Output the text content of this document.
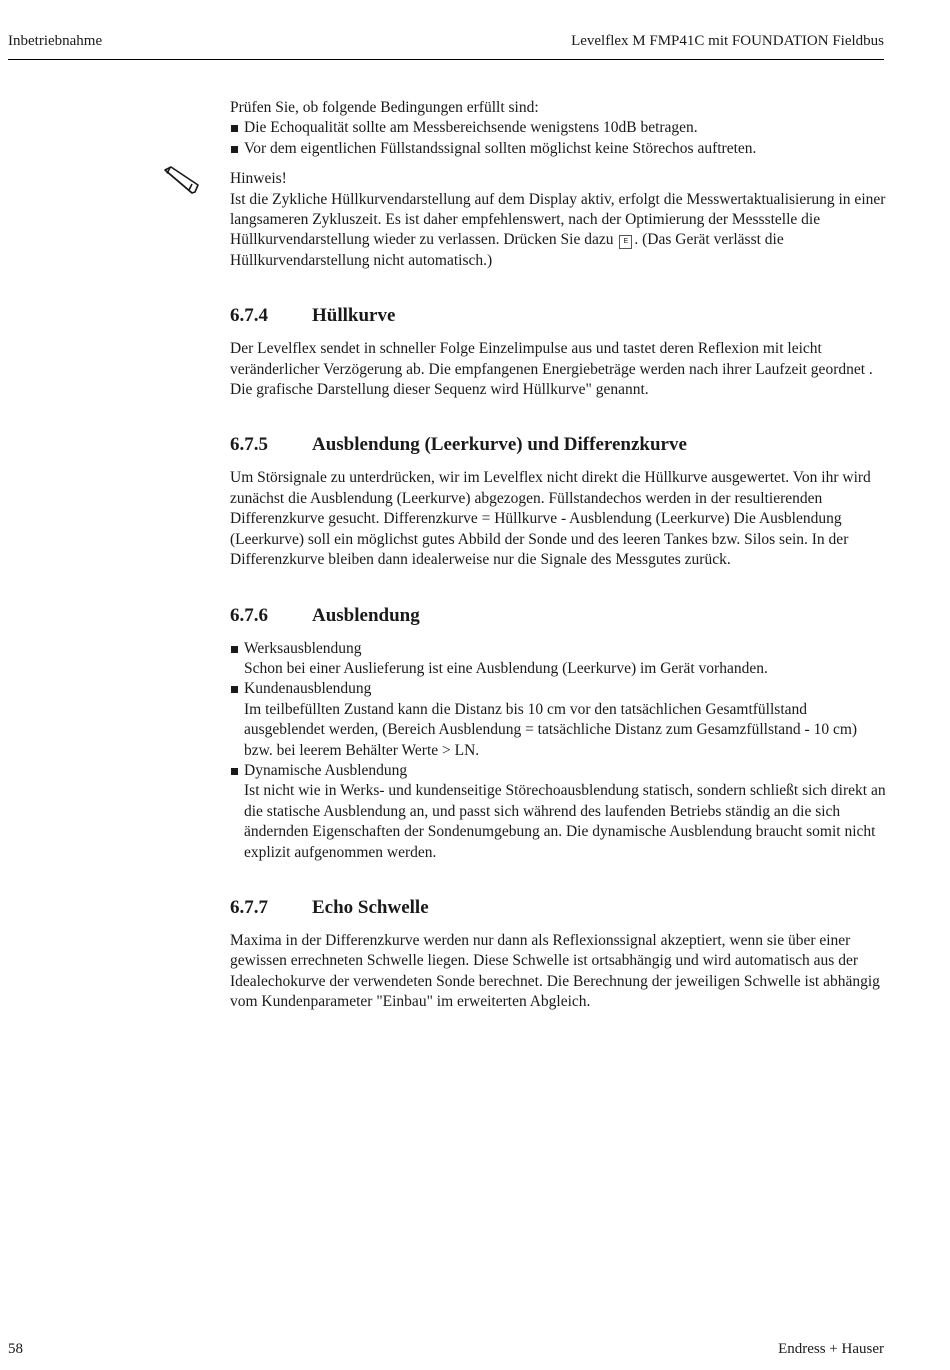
Inbetriebnahme	Levelflex M FMP41C mit FOUNDATION Fieldbus

Prüfen Sie, ob folgende Bedingungen erfüllt sind:

Die Echoqualität sollte am Messbereichsende wenigstens 10dB betragen.
Vor dem eigentlichen Füllstandssignal sollten möglichst keine Störechos auftreten.

Hinweis!

Ist die Zykliche Hüllkurvendarstellung auf dem Display aktiv, erfolgt die Messwertaktualisierung in einer langsameren Zykluszeit. Es ist daher empfehlenswert, nach der Optimierung der Messstelle die Hüllkurvendarstellung wieder zu verlassen. Drücken Sie dazu E . (Das Gerät verlässt die Hüllkurvendarstellung nicht automatisch.)

6.7.4 Hüllkurve

Der Levelflex sendet in schneller Folge Einzelimpulse aus und tastet deren Reflexion mit leicht veränderlicher Verzögerung ab. Die empfangenen Energiebeträge werden nach ihrer Laufzeit geordnet . Die grafische Darstellung dieser Sequenz wird Hüllkurve" genannt.

6.7.5 Ausblendung (Leerkurve) und Differenzkurve

Um Störsignale zu unterdrücken, wir im Levelflex nicht direkt die Hüllkurve ausgewertet. Von ihr wird zunächst die Ausblendung (Leerkurve) abgezogen. Füllstandechos werden in der resultierenden Differenzkurve gesucht. Differenzkurve = Hüllkurve - Ausblendung (Leerkurve) Die Ausblendung (Leerkurve) soll ein möglichst gutes Abbild der Sonde und des leeren Tankes bzw. Silos sein. In der Differenzkurve bleiben dann idealerweise nur die Signale des Messgutes zurück.

6.7.6 Ausblendung
Werksausblendung
Schon bei einer Auslieferung ist eine Ausblendung (Leerkurve) im Gerät vorhanden.
Kundenausblendung
Im teilbefüllten Zustand kann die Distanz bis 10 cm vor den tatsächlichen Gesamtfüllstand ausgeblendet werden, (Bereich Ausblendung = tatsächliche Distanz zum Gesamzfüllstand - 10 cm) bzw. bei leerem Behälter Werte > LN.
Dynamische Ausblendung
Ist nicht wie in Werks- und kundenseitige Störechoausblendung statisch, sondern schließt sich direkt an die statische Ausblendung an, und passt sich während des laufenden Betriebs ständig an die sich ändernden Eigenschaften der Sondenumgebung an. Die dynamische Ausblendung braucht somit nicht explizit aufgenommen werden.
6.7.7 Echo Schwelle

Maxima in der Differenzkurve werden nur dann als Reflexionssignal akzeptiert, wenn sie über einer gewissen errechneten Schwelle liegen. Diese Schwelle ist ortsabhängig und wird automatisch aus der Idealechokurve der verwendeten Sonde berechnet. Die Berechnung der jeweiligen Schwelle ist abhängig vom Kundenparameter "Einbau" im erweiterten Abgleich.

58	Endress + Hauser
